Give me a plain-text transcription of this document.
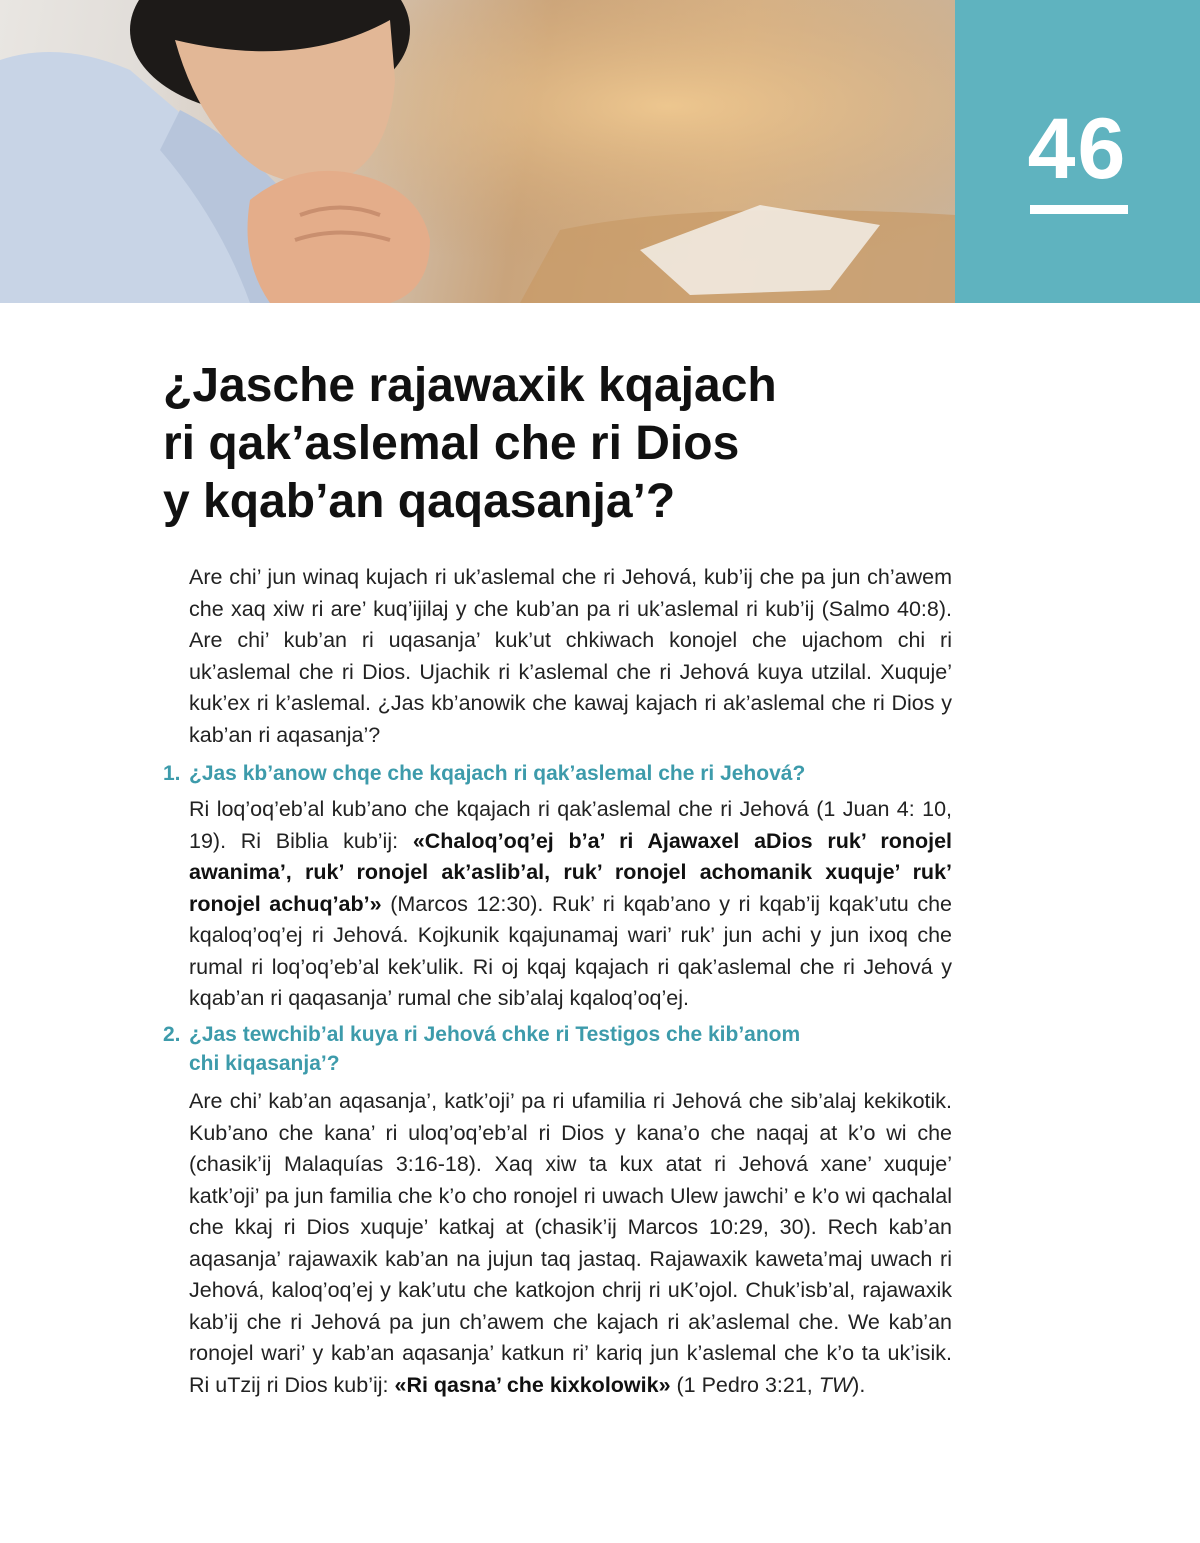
46
¿Jasche rajawaxik kqajach
ri qak’aslemal che ri Dios
y kqab’an qaqasanja’?

Are chi’ jun winaq kujach ri uk’aslemal che ri Jehová, kub’ij che pa jun ch’awem che xaq xiw ri are’ kuq’ijilaj y che kub’an pa ri uk’aslemal ri kub’ij (Salmo 40:8). Are chi’ kub’an ri uqasanja’ kuk’ut chkiwach konojel che ujachom chi ri uk’aslemal che ri Dios. Ujachik ri k’aslemal che ri Jehová kuya utzilal. Xuquje’ kuk’ex ri k’aslemal. ¿Jas kb’anowik che kawaj kajach ri ak’aslemal che ri Dios y kab’an ri aqasanja’?

1. ¿Jas kb’anow chqe che kqajach ri qak’aslemal che ri Jehová?

Ri loq’oq’eb’al kub’ano che kqajach ri qak’aslemal che ri Jehová (1 Juan 4: 10, 19). Ri Biblia kub’ij: «Chaloq’oq’ej b’a’ ri Ajawaxel aDios ruk’ ronojel awanima’, ruk’ ronojel ak’aslib’al, ruk’ ronojel achomanik xuquje’ ruk’ ronojel achuq’ab’» (Marcos 12:30). Ruk’ ri kqab’ano y ri kqab’ij kqak’utu che kqaloq’oq’ej ri Jehová. Kojkunik kqajunamaj wari’ ruk’ jun achi y jun ixoq che rumal ri loq’oq’eb’al kek’ulik. Ri oj kqaj kqajach ri qak’aslemal che ri Jehová y kqab’an ri qaqasanja’ rumal che sib’alaj kqaloq’oq’ej.

2. ¿Jas tewchib’al kuya ri Jehová chke ri Testigos che kib’anom
chi kiqasanja’?

Are chi’ kab’an aqasanja’, katk’oji’ pa ri ufamilia ri Jehová che sib’alaj kekikotik. Kub’ano che kana’ ri uloq’oq’eb’al ri Dios y kana’o che naqaj at k’o wi che (chasik’ij Malaquías 3:16-18). Xaq xiw ta kux atat ri Jehová xane’ xuquje’ katk’oji’ pa jun familia che k’o cho ronojel ri uwach Ulew jawchi’ e k’o wi qachalal che kkaj ri Dios xuquje’ katkaj at (chasik’ij Marcos 10:29, 30). Rech kab’an aqasanja’ rajawaxik kab’an na jujun taq jastaq. Rajawaxik kaweta’maj uwach ri Jehová, kaloq’oq’ej y kak’utu che katkojon chrij ri uK’ojol. Chuk’isb’al, rajawaxik kab’ij che ri Jehová pa jun ch’awem che kajach ri ak’aslemal che. We kab’an ronojel wari’ y kab’an aqasanja’ katkun ri’ kariq jun k’aslemal che k’o ta uk’isik. Ri uTzij ri Dios kub’ij: «Ri qasna’ che kixkolowik» (1 Pedro 3:21, TW).
